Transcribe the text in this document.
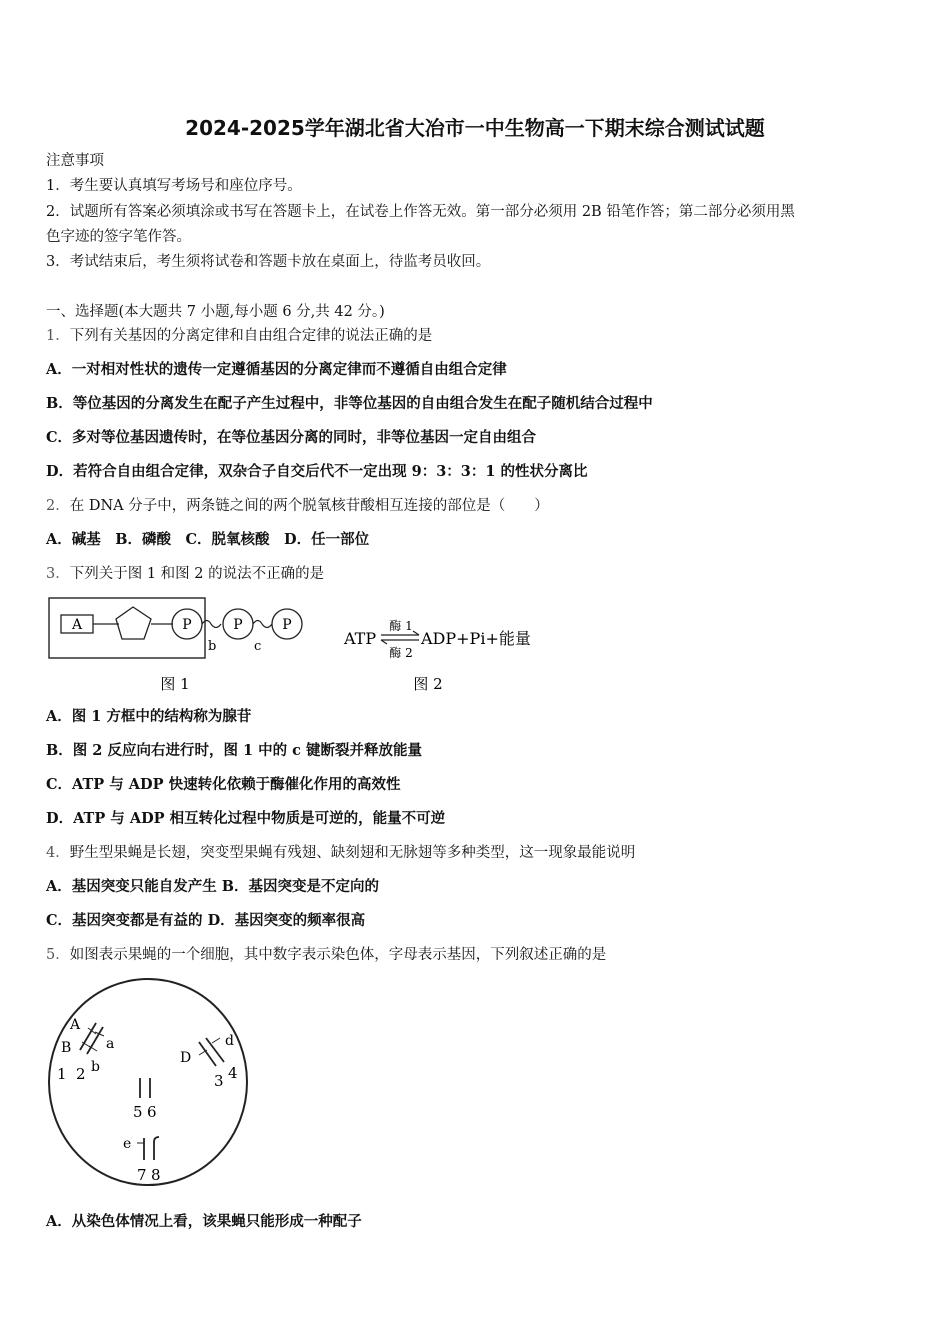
2024-2025学年湖北省大冶市一中生物高一下期末综合测试试题
注意事项
1．考生要认真填写考场号和座位序号。
2．试题所有答案必须填涂或书写在答题卡上，在试卷上作答无效。第一部分必须用 2B 铅笔作答；第二部分必须用黑
色字迹的签字笔作答。
3．考试结束后，考生须将试卷和答题卡放在桌面上，待监考员收回。
一、选择题(本大题共 7 小题,每小题 6 分,共 42 分。)
1．下列有关基因的分离定律和自由组合定律的说法正确的是
A．一对相对性状的遗传一定遵循基因的分离定律而不遵循自由组合定律
B．等位基因的分离发生在配子产生过程中，非等位基因的自由组合发生在配子随机结合过程中
C．多对等位基因遗传时，在等位基因分离的同时，非等位基因一定自由组合
D．若符合自由组合定律，双杂合子自交后代不一定出现 9：3：3：1 的性状分离比
2．在 DNA 分子中，两条链之间的两个脱氧核苷酸相互连接的部位是（　　）
A．碱基　B．磷酸　C．脱氧核酸　D．任一部位
3．下列关于图 1 和图 2 的说法不正确的是
A	P	P	P
b	c
图 1
ATP
酶 1
酶 2
ADP+Pi+能量
图 2
A．图 1 方框中的结构称为腺苷
B．图 2 反应向右进行时，图 1 中的 c 键断裂并释放能量
C．ATP 与 ADP 快速转化依赖于酶催化作用的高效性
D．ATP 与 ADP 相互转化过程中物质是可逆的，能量不可逆
4．野生型果蝇是长翅，突变型果蝇有残翅、缺刻翅和无脉翅等多种类型，这一现象最能说明
A．基因突变只能自发产生 B．基因突变是不定向的
C．基因突变都是有益的 D．基因突变的频率很高
5．如图表示果蝇的一个细胞，其中数字表示染色体，字母表示基因，下列叙述正确的是
A
B a
b
1 2
D
d
3 4
5 6
e
7 8
A．从染色体情况上看，该果蝇只能形成一种配子
